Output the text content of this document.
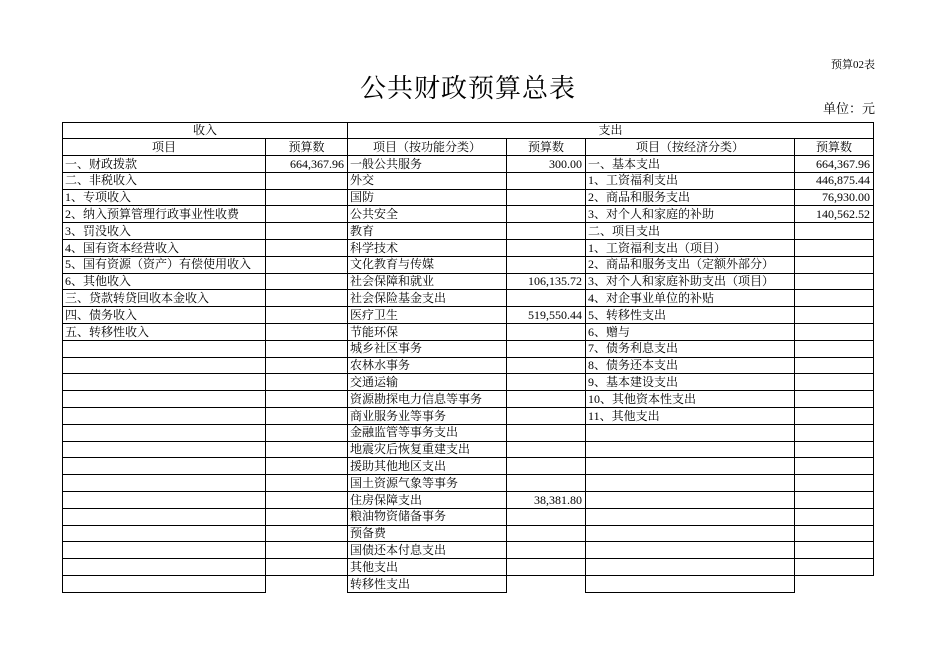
预算02表
公共财政预算总表
单位：元
收入		支出			
项目	预算数	项目（按功能分类）	预算数	项目（按经济分类）	预算数
一、财政拨款	664,367.96	一般公共服务	300.00	一、基本支出	664,367.96
二、非税收入		外交		1、工资福利支出	446,875.44
1、专项收入		国防		2、商品和服务支出	76,930.00
2、纳入预算管理行政事业性收费		公共安全		3、对个人和家庭的补助	140,562.52
3、罚没收入		教育		二、项目支出	
4、国有资本经营收入		科学技术		1、工资福利支出（项目）	
5、国有资源（资产）有偿使用收入		文化教育与传媒		2、商品和服务支出（定额外部分）	
6、其他收入		社会保障和就业	106,135.72	3、对个人和家庭补助支出（项目）	
三、贷款转贷回收本金收入		社会保险基金支出		4、对企事业单位的补贴	
四、债务收入		医疗卫生	519,550.44	5、转移性支出	
五、转移性收入		节能环保		6、赠与	
		城乡社区事务		7、债务利息支出	
		农林水事务		8、债务还本支出	
		交通运输		9、基本建设支出	
		资源勘探电力信息等事务		10、其他资本性支出	
		商业服务业等事务		11、其他支出	
		金融监管等事务支出			
		地震灾后恢复重建支出			
		援助其他地区支出			
		国土资源气象等事务			
		住房保障支出	38,381.80		
		粮油物资储备事务			
		预备费			
		国债还本付息支出			
		其他支出			
		转移性支出			
